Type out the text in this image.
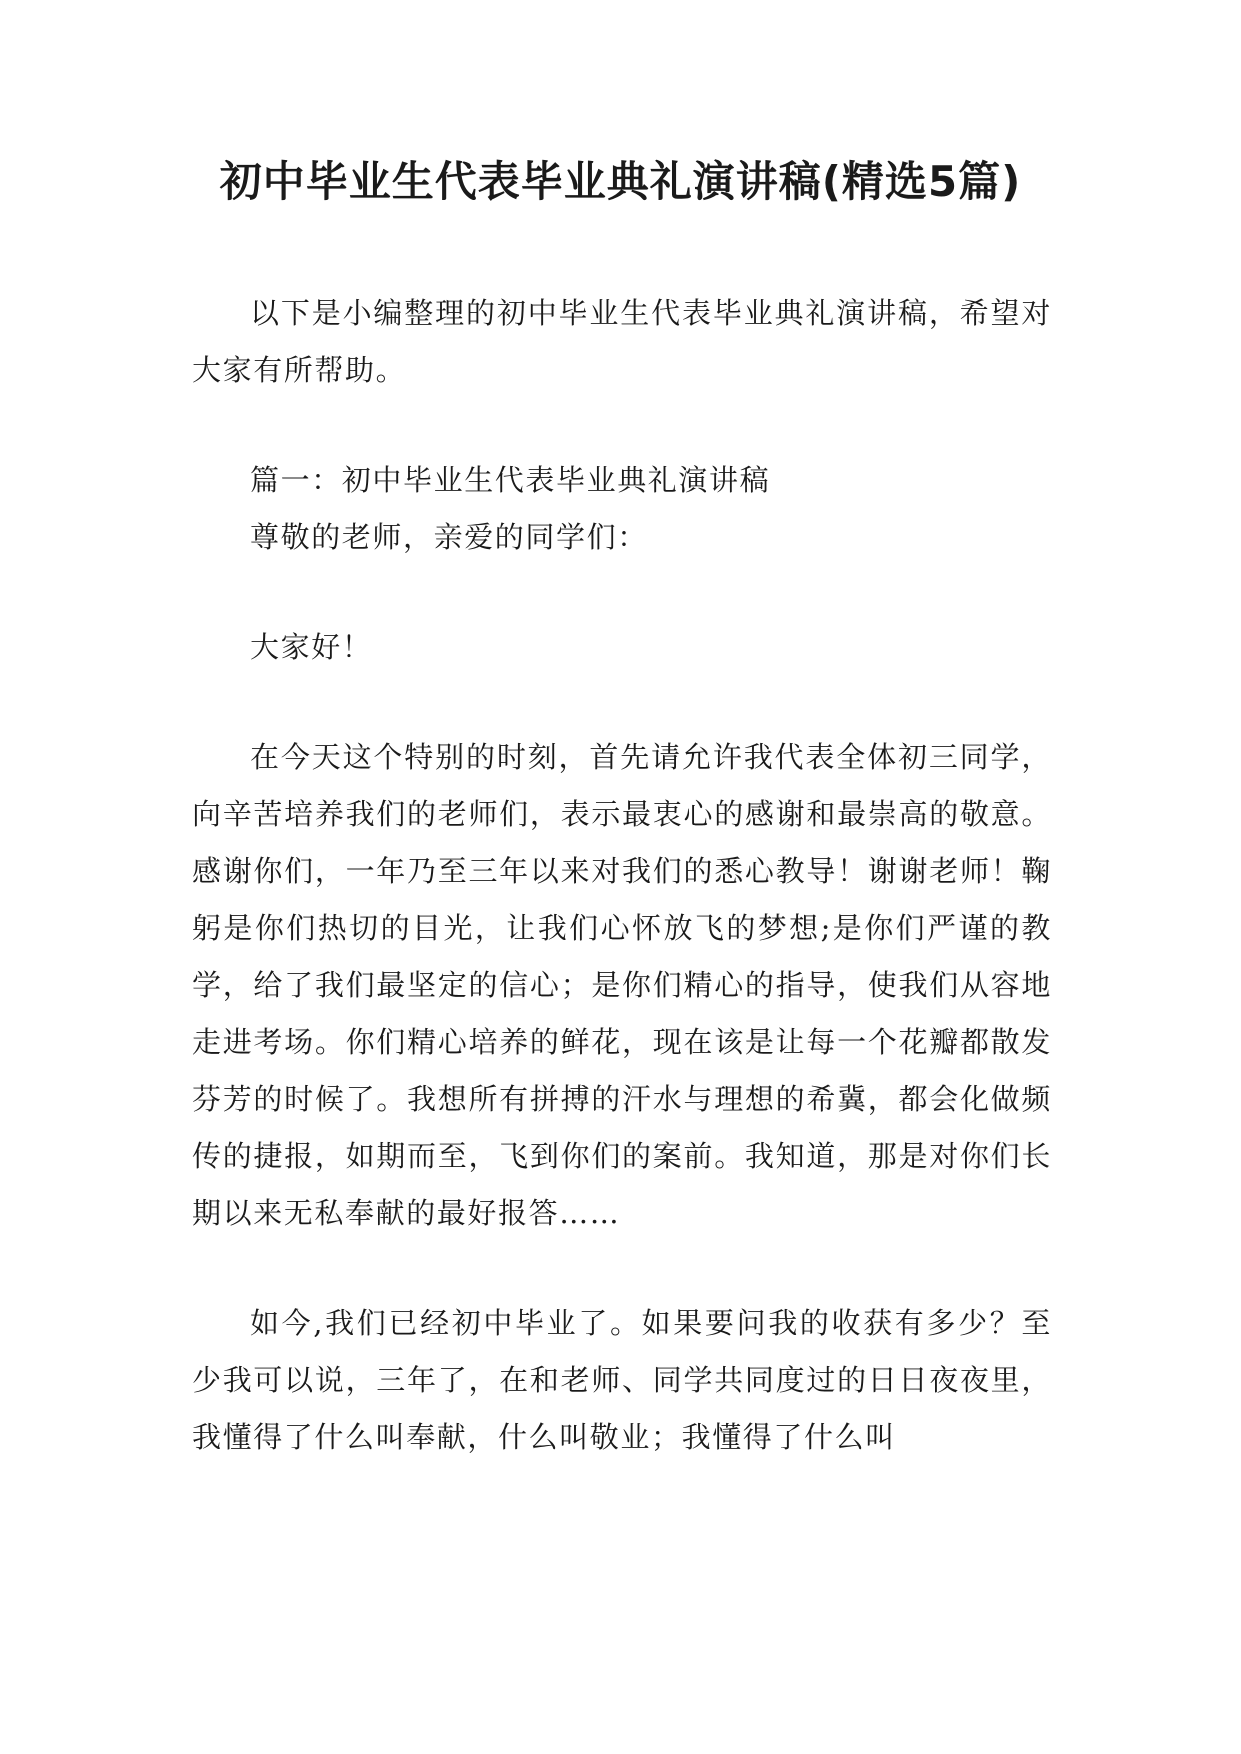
初中毕业生代表毕业典礼演讲稿(精选5篇)

以下是小编整理的初中毕业生代表毕业典礼演讲稿，希望对大家有所帮助。

篇一：初中毕业生代表毕业典礼演讲稿

尊敬的老师，亲爱的同学们：

大家好！

在今天这个特别的时刻，首先请允许我代表全体初三同学，向辛苦培养我们的老师们，表示最衷心的感谢和最崇高的敬意。感谢你们，一年乃至三年以来对我们的悉心教导！谢谢老师！鞠躬是你们热切的目光，让我们心怀放飞的梦想;是你们严谨的教学，给了我们最坚定的信心；是你们精心的指导，使我们从容地走进考场。你们精心培养的鲜花，现在该是让每一个花瓣都散发芬芳的时候了。我想所有拼搏的汗水与理想的希冀，都会化做频传的捷报，如期而至，飞到你们的案前。我知道，那是对你们长期以来无私奉献的最好报答……

如今,我们已经初中毕业了。如果要问我的收获有多少？至少我可以说，三年了，在和老师、同学共同度过的日日夜夜里，我懂得了什么叫奉献，什么叫敬业；我懂得了什么叫
